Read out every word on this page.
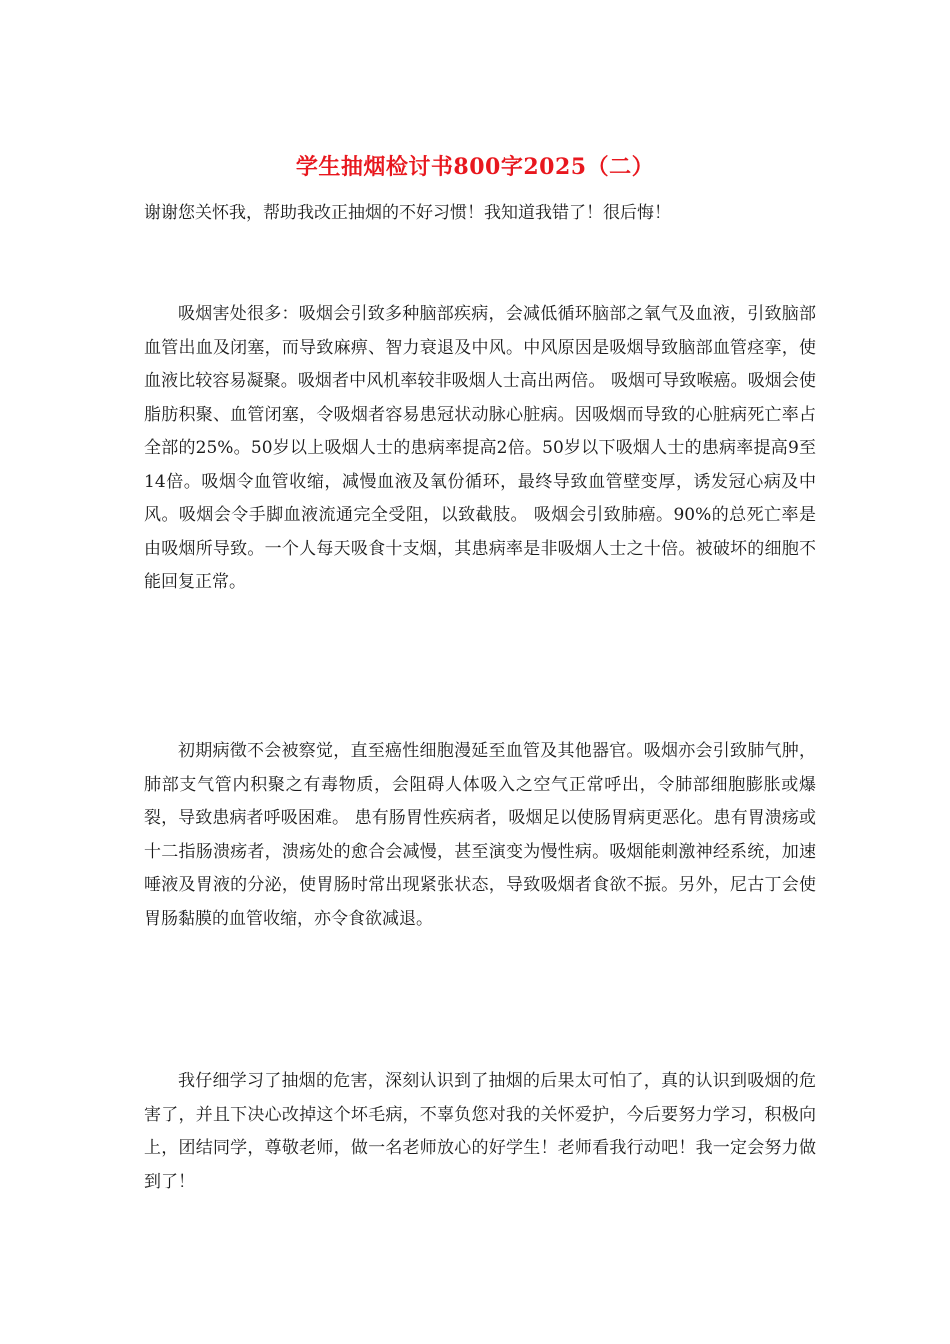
学生抽烟检讨书800字2025（二）

谢谢您关怀我，帮助我改正抽烟的不好习惯！我知道我错了！很后悔！

吸烟害处很多：吸烟会引致多种脑部疾病，会减低循环脑部之氧气及血液，引致脑部血管出血及闭塞，而导致麻痹、智力衰退及中风。中风原因是吸烟导致脑部血管痉挛，使血液比较容易凝聚。吸烟者中风机率较非吸烟人士高出两倍。 吸烟可导致喉癌。吸烟会使脂肪积聚、血管闭塞，令吸烟者容易患冠状动脉心脏病。因吸烟而导致的心脏病死亡率占全部的25%。50岁以上吸烟人士的患病率提高2倍。50岁以下吸烟人士的患病率提高9至14倍。吸烟令血管收缩，减慢血液及氧份循环，最终导致血管壁变厚，诱发冠心病及中风。吸烟会令手脚血液流通完全受阻，以致截肢。 吸烟会引致肺癌。90%的总死亡率是由吸烟所导致。一个人每天吸食十支烟，其患病率是非吸烟人士之十倍。被破坏的细胞不能回复正常。

初期病徵不会被察觉，直至癌性细胞漫延至血管及其他器官。吸烟亦会引致肺气肿，肺部支气管内积聚之有毒物质，会阻碍人体吸入之空气正常呼出，令肺部细胞膨胀或爆裂，导致患病者呼吸困难。 患有肠胃性疾病者，吸烟足以使肠胃病更恶化。患有胃溃疡或十二指肠溃疡者，溃疡处的愈合会减慢，甚至演变为慢性病。吸烟能刺激神经系统，加速唾液及胃液的分泌，使胃肠时常出现紧张状态，导致吸烟者食欲不振。另外，尼古丁会使胃肠黏膜的血管收缩，亦令食欲减退。

我仔细学习了抽烟的危害，深刻认识到了抽烟的后果太可怕了，真的认识到吸烟的危害了，并且下决心改掉这个坏毛病，不辜负您对我的关怀爱护，今后要努力学习，积极向上，团结同学，尊敬老师，做一名老师放心的好学生！老师看我行动吧！我一定会努力做到了！
